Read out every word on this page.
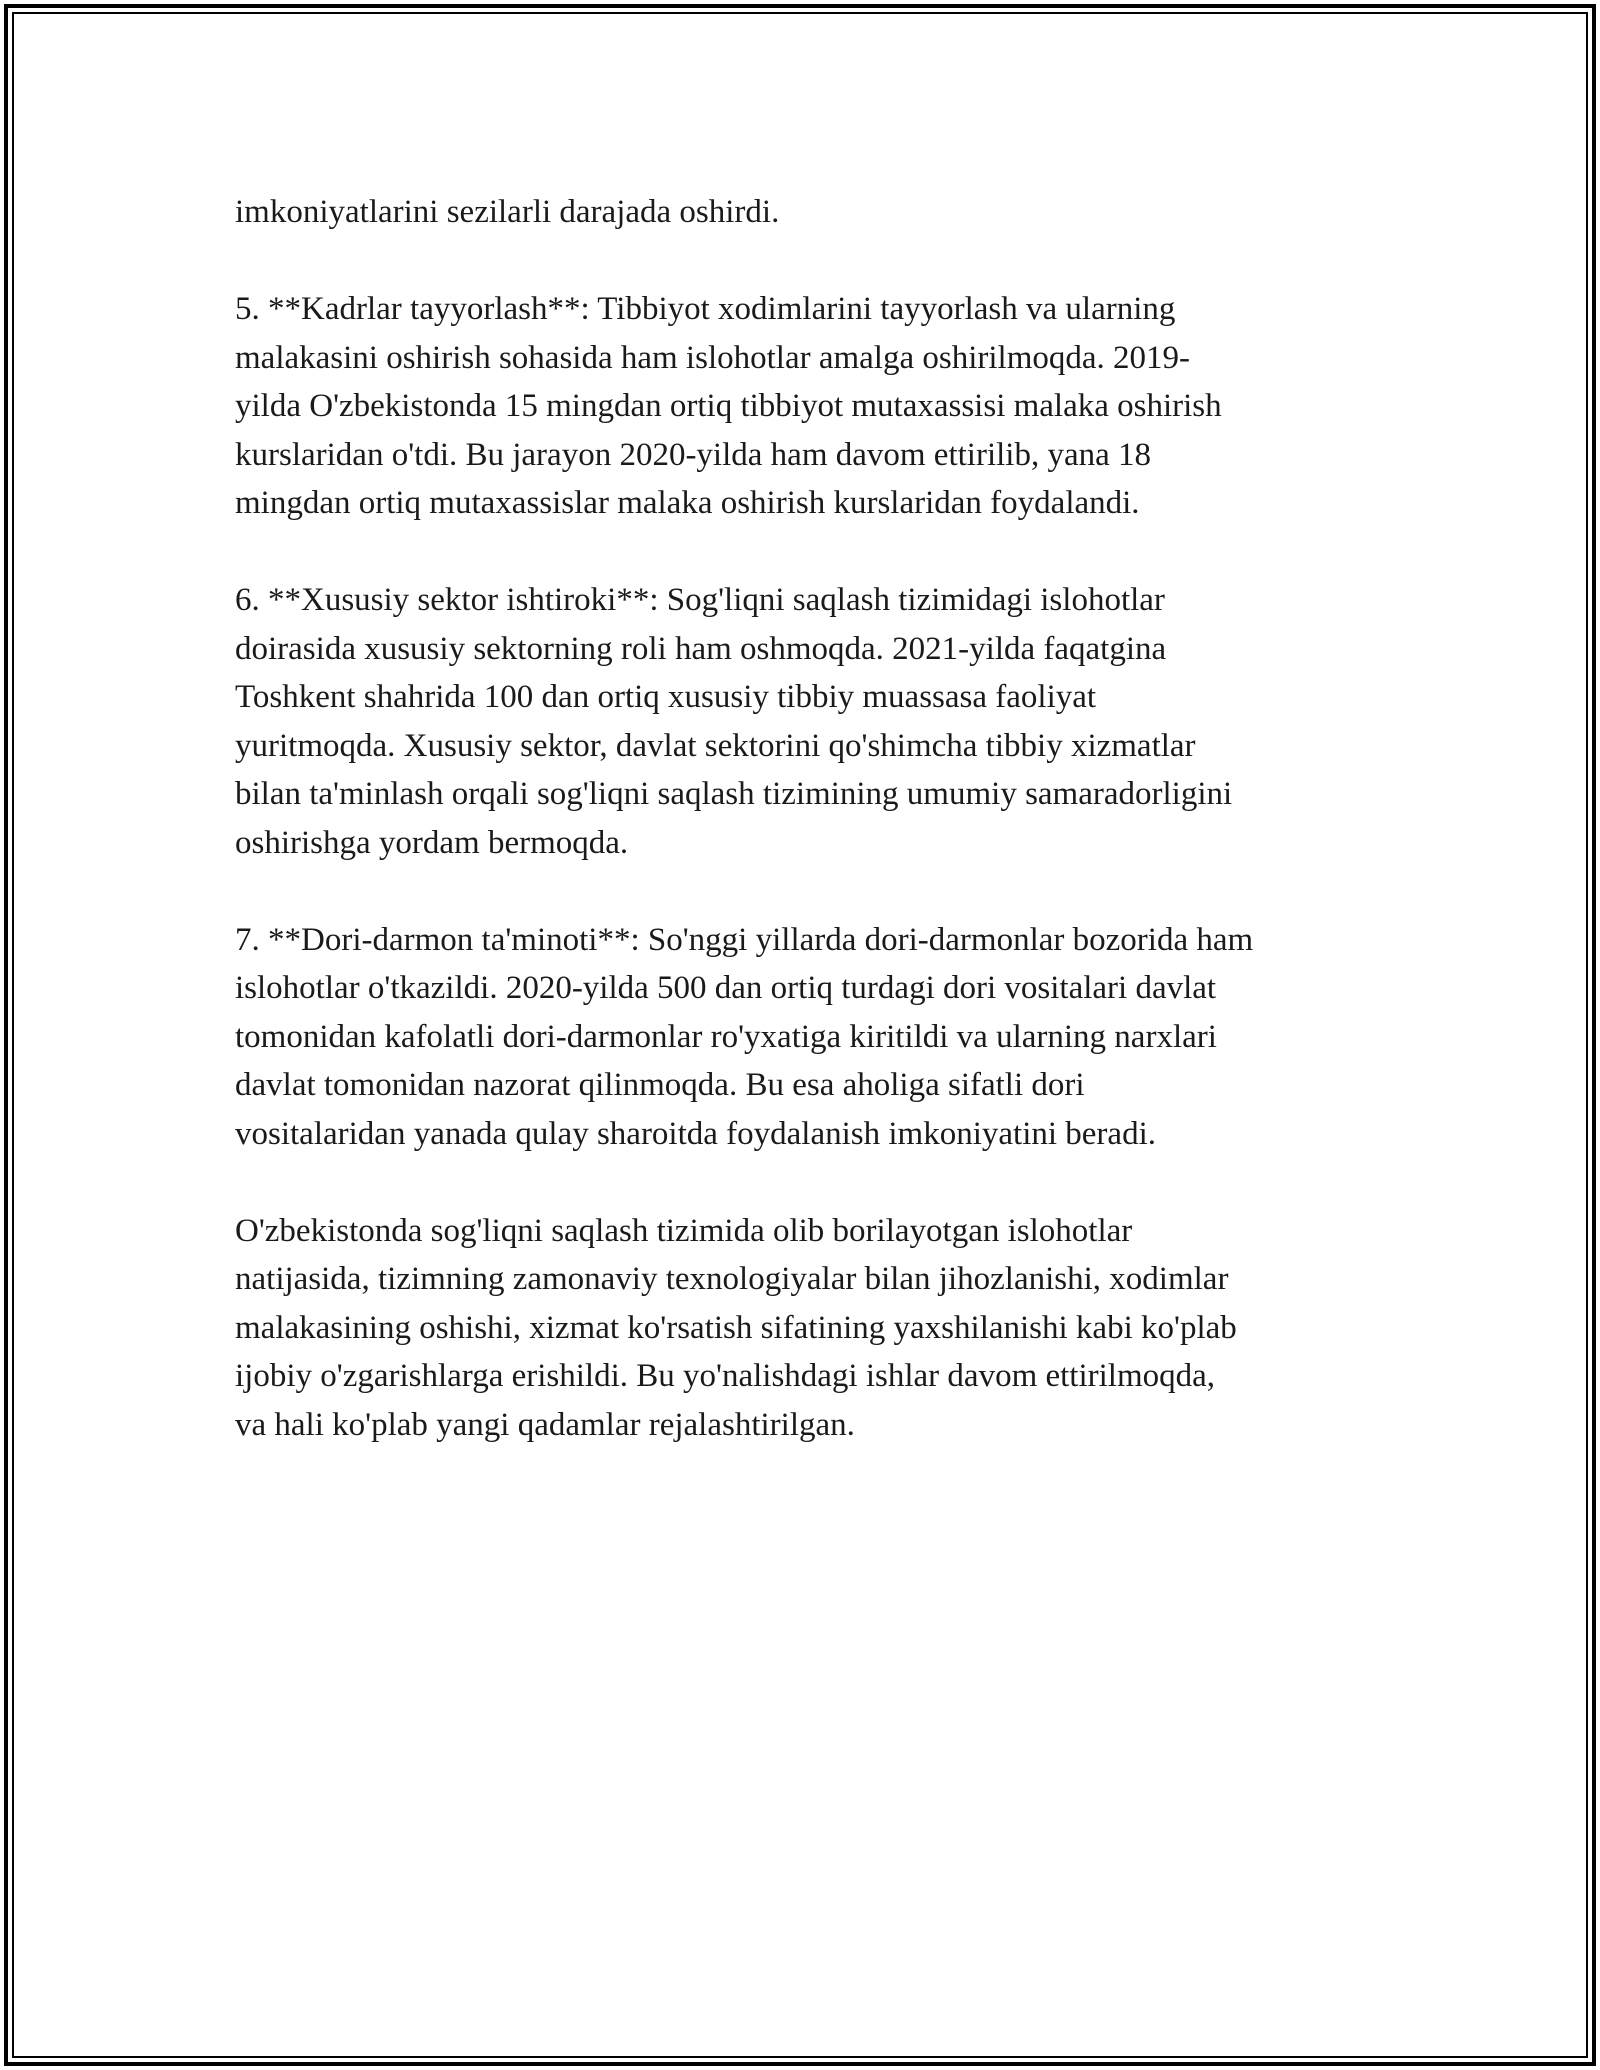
imkoniyatlarini sezilarli darajada oshirdi.

5. **Kadrlar tayyorlash**: Tibbiyot xodimlarini tayyorlash va ularning
malakasini oshirish sohasida ham islohotlar amalga oshirilmoqda. 2019-
yilda O'zbekistonda 15 mingdan ortiq tibbiyot mutaxassisi malaka oshirish
kurslaridan o'tdi. Bu jarayon 2020-yilda ham davom ettirilib, yana 18
mingdan ortiq mutaxassislar malaka oshirish kurslaridan foydalandi.

6. **Xususiy sektor ishtiroki**: Sog'liqni saqlash tizimidagi islohotlar
doirasida xususiy sektorning roli ham oshmoqda. 2021-yilda faqatgina
Toshkent shahrida 100 dan ortiq xususiy tibbiy muassasa faoliyat
yuritmoqda. Xususiy sektor, davlat sektorini qo'shimcha tibbiy xizmatlar
bilan ta'minlash orqali sog'liqni saqlash tizimining umumiy samaradorligini
oshirishga yordam bermoqda.

7. **Dori-darmon ta'minoti**: So'nggi yillarda dori-darmonlar bozorida ham
islohotlar o'tkazildi. 2020-yilda 500 dan ortiq turdagi dori vositalari davlat
tomonidan kafolatli dori-darmonlar ro'yxatiga kiritildi va ularning narxlari
davlat tomonidan nazorat qilinmoqda. Bu esa aholiga sifatli dori
vositalaridan yanada qulay sharoitda foydalanish imkoniyatini beradi.

O'zbekistonda sog'liqni saqlash tizimida olib borilayotgan islohotlar
natijasida, tizimning zamonaviy texnologiyalar bilan jihozlanishi, xodimlar
malakasining oshishi, xizmat ko'rsatish sifatining yaxshilanishi kabi ko'plab
ijobiy o'zgarishlarga erishildi. Bu yo'nalishdagi ishlar davom ettirilmoqda,
va hali ko'plab yangi qadamlar rejalashtirilgan.
